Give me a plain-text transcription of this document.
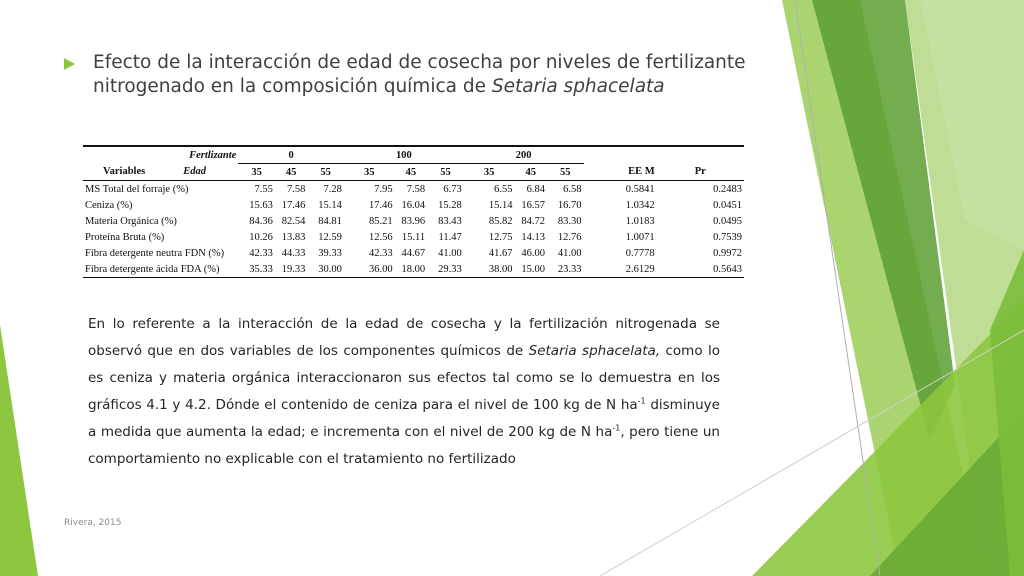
Efecto de la interacción de edad de cosecha por niveles de fertilizante nitrogenado en la composición química de Setaria sphacelata
Fertlizante	0			100			200				
Variables Edad	35	45	55	35	45	55	35	45	55	EE M	Pr
MS Total del forraje (%)	7.55	7.58	7.28	7.95	7.58	6.73	6.55	6.84	6.58	0.5841	0.2483
Ceniza (%)	15.63	17.46	15.14	17.46	16.04	15.28	15.14	16.57	16.70	1.0342	0.0451
Materia Orgánica (%)	84.36	82.54	84.81	85.21	83.96	83.43	85.82	84.72	83.30	1.0183	0.0495
Proteína Bruta (%)	10.26	13.83	12.59	12.56	15.11	11.47	12.75	14.13	12.76	1.0071	0.7539
Fibra detergente neutra FDN (%)	42.33	44.33	39.33	42.33	44.67	41.00	41.67	46.00	41.00	0.7778	0.9972
Fibra detergente ácida FDA (%)	35.33	19.33	30.00	36.00	18.00	29.33	38.00	15.00	23.33	2.6129	0.5643
En lo referente a la interacción de la edad de cosecha y la fertilización nitrogenada se observó que en dos variables de los componentes químicos de Setaria sphacelata, como lo es ceniza y materia orgánica interaccionaron sus efectos tal como se lo demuestra en los gráficos 4.1 y 4.2. Dónde el contenido de ceniza para el nivel de 100 kg de N $ha^{-1}$ disminuye a medida que aumenta la edad; e incrementa con el nivel de 200 kg de N $ha^{-1}$, pero tiene un comportamiento no explicable con el tratamiento no fertilizado
Rivera, 2015
